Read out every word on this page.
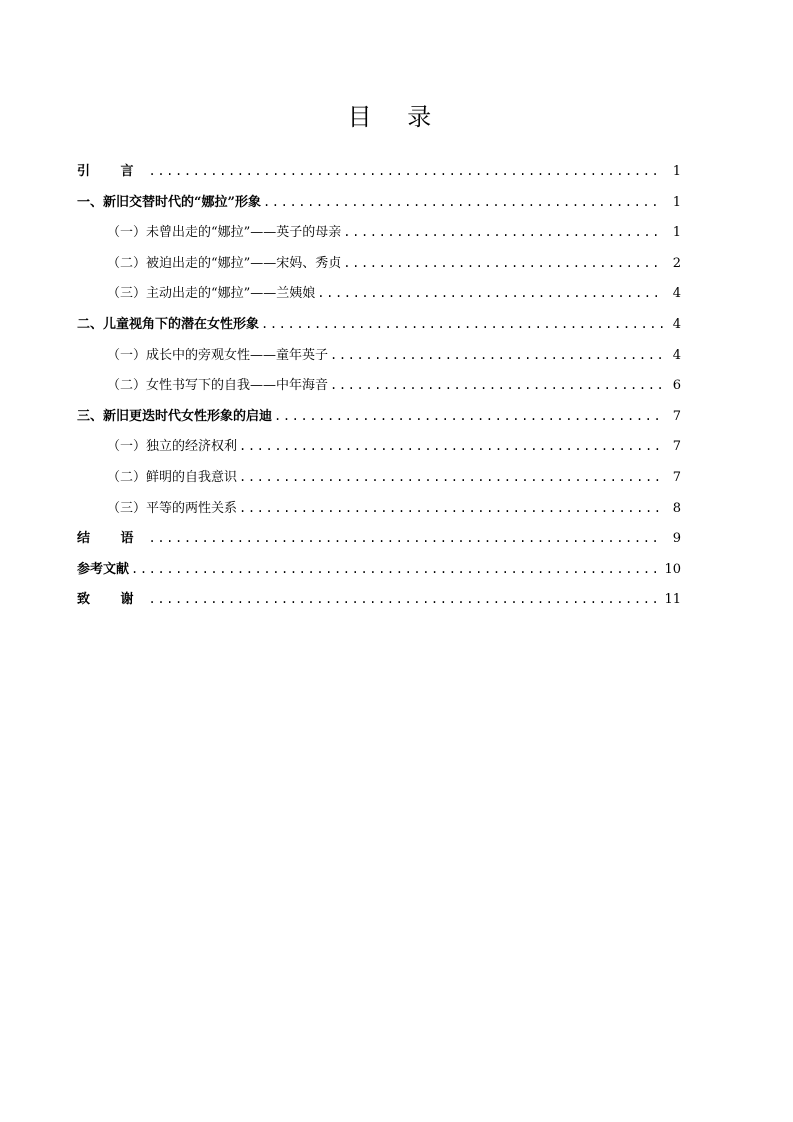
目 录
引 言 .....	1
一、新旧交替时代的“娜拉”形象 .....	1
（一）未曾出走的“娜拉”——英子的母亲 .....	1
（二）被迫出走的“娜拉”——宋妈、秀贞 .....	2
（三）主动出走的“娜拉”——兰姨娘 .....	4
二、儿童视角下的潜在女性形象 .....	4
（一）成长中的旁观女性——童年英子 .....	4
（二）女性书写下的自我——中年海音 .....	6
三、新旧更迭时代女性形象的启迪 .....	7
（一）独立的经济权利 .....	7
（二）鲜明的自我意识 .....	7
（三）平等的两性关系 .....	8
结 语 .....	9
参考文献 .....	10
致 谢 .....	11
